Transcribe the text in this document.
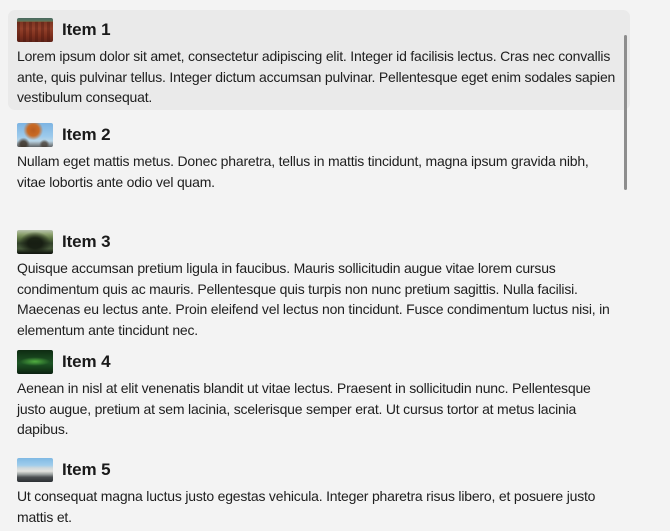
Item 1

Lorem ipsum dolor sit amet, consectetur adipiscing elit. Integer id facilisis lectus. Cras nec convallis ante, quis pulvinar tellus. Integer dictum accumsan pulvinar. Pellentesque eget enim sodales sapien vestibulum consequat.

Item 2

Nullam eget mattis metus. Donec pharetra, tellus in mattis tincidunt, magna ipsum gravida nibh, vitae lobortis ante odio vel quam.

Item 3

Quisque accumsan pretium ligula in faucibus. Mauris sollicitudin augue vitae lorem cursus condimentum quis ac mauris. Pellentesque quis turpis non nunc pretium sagittis. Nulla facilisi. Maecenas eu lectus ante. Proin eleifend vel lectus non tincidunt. Fusce condimentum luctus nisi, in elementum ante tincidunt nec.

Item 4

Aenean in nisl at elit venenatis blandit ut vitae lectus. Praesent in sollicitudin nunc. Pellentesque justo augue, pretium at sem lacinia, scelerisque semper erat. Ut cursus tortor at metus lacinia dapibus.

Item 5

Ut consequat magna luctus justo egestas vehicula. Integer pharetra risus libero, et posuere justo mattis et.
